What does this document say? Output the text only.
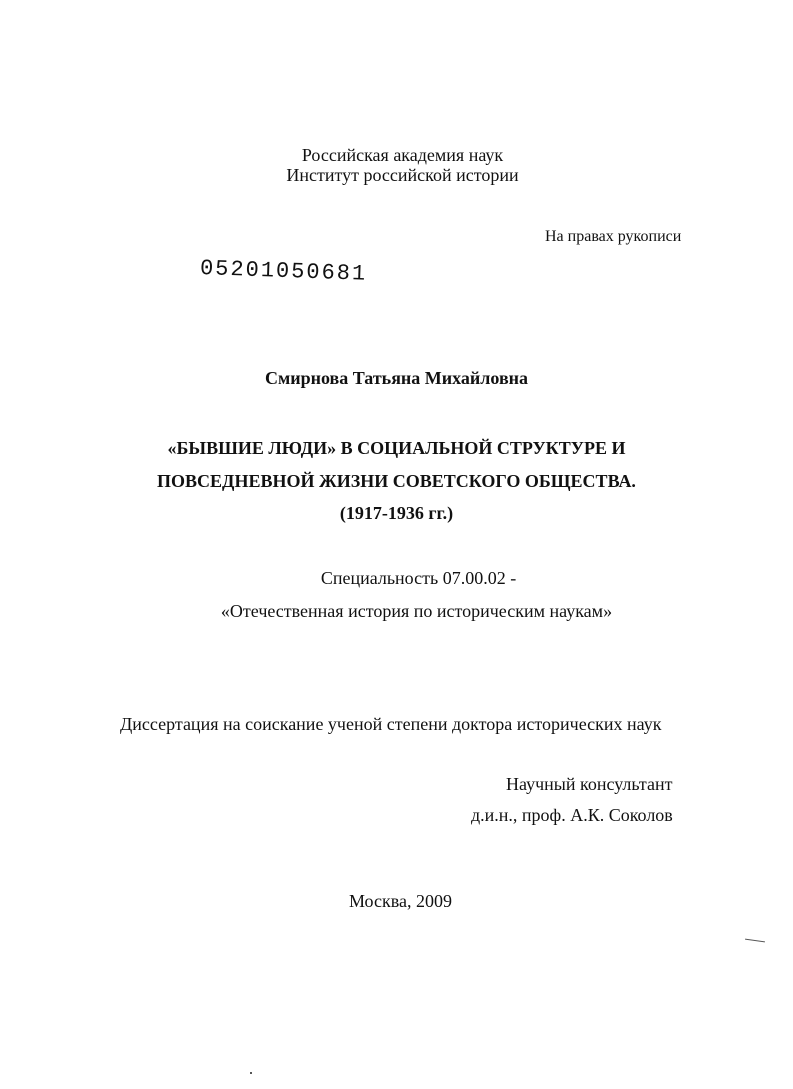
Российская академия наук
Институт российской истории
На правах рукописи
05201050681
Смирнова Татьяна Михайловна
«БЫВШИЕ ЛЮДИ» В СОЦИАЛЬНОЙ СТРУКТУРЕ И
ПОВСЕДНЕВНОЙ ЖИЗНИ СОВЕТСКОГО ОБЩЕСТВА.
(1917-1936 гг.)
Специальность 07.00.02 -
«Отечественная история по историческим наукам»
Диссертация на соискание ученой степени доктора исторических наук
Научный консультант
д.и.н., проф. А.К. Соколов
Москва, 2009
